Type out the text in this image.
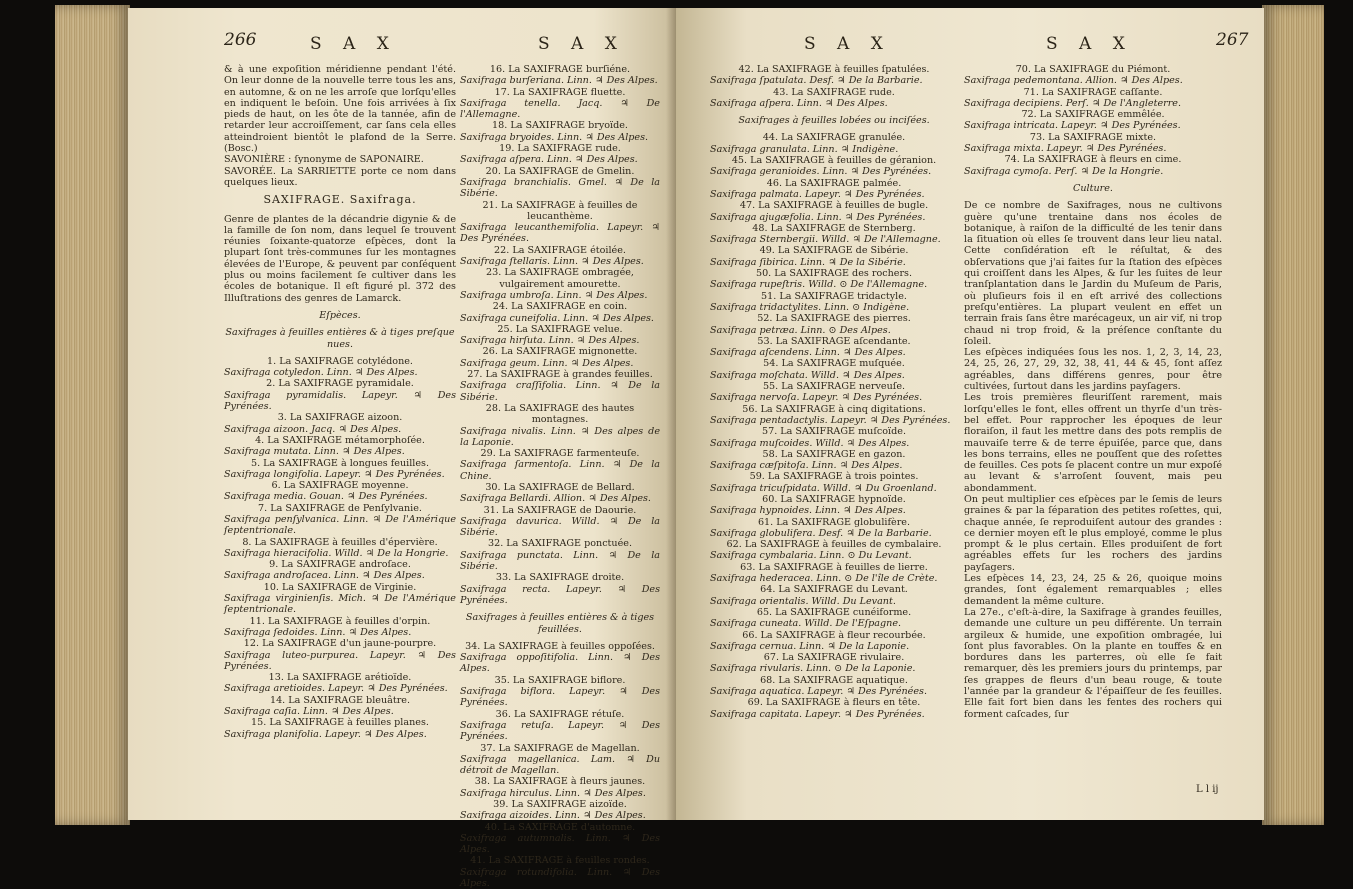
266	S A X	S A X

& à une expoſition méridienne pendant l'été. On leur donne de la nouvelle terre tous les ans, en automne, & on ne les arroſe que lorſqu'elles en indiquent le beſoin. Une fois arrivées à ſix pieds de haut, on les ôte de la tannée, afin de retarder leur accroiſſement, car ſans cela elles atteindroient bientôt le plafond de la Serre. (Bosc.)

SAVONIÈRE : ſynonyme de SAPONAIRE.

SAVORÉE. La SARRIETTE porte ce nom dans quelques lieux.

SAXIFRAGE. Saxifraga.

Genre de plantes de la décandrie digynie & de la famille de ſon nom, dans lequel ſe trouvent réunies ſoixante-quatorze eſpèces, dont la plupart ſont très-communes ſur les montagnes élevées de l'Europe, & peuvent par conſéquent plus ou moins facilement ſe cultiver dans les écoles de botanique. Il eſt figuré pl. 372 des Illuſtrations des genres de Lamarck.

Eſpèces.

Saxifrages à feuilles entières & à tiges preſque nues.

1. La SAXIFRAGE cotylédone.

Saxifraga cotyledon. Linn. ♃ Des Alpes.

2. La SAXIFRAGE pyramidale.

Saxifraga pyramidalis. Lapeyr. ♃ Des Pyrénées.

3. La SAXIFRAGE aizoon.

Saxifraga aizoon. Jacq. ♃ Des Alpes.

4. La SAXIFRAGE métamorphoſée.

Saxifraga mutata. Linn. ♃ Des Alpes.

5. La SAXIFRAGE à longues feuilles.

Saxifraga longifolia. Lapeyr. ♃ Des Pyrénées.

6. La SAXIFRAGE moyenne.

Saxifraga media. Gouan. ♃ Des Pyrénées.

7. La SAXIFRAGE de Penſylvanie.

Saxifraga penſylvanica. Linn. ♃ De l'Amérique ſeptentrionale.

8. La SAXIFRAGE à feuilles d'épervière.

Saxifraga hieracifolia. Willd. ♃ De la Hongrie.

9. La SAXIFRAGE androſace.

Saxifraga androſacea. Linn. ♃ Des Alpes.

10. La SAXIFRAGE de Virginie.

Saxifraga virginienſis. Mich. ♃ De l'Amérique ſeptentrionale.

11. La SAXIFRAGE à feuilles d'orpin.

Saxifraga ſedoides. Linn. ♃ Des Alpes.

12. La SAXIFRAGE d'un jaune-pourpre.

Saxifraga luteo-purpurea. Lapeyr. ♃ Des Pyrénées.

13. La SAXIFRAGE arétioïde.

Saxifraga aretioides. Lapeyr. ♃ Des Pyrénées.

14. La SAXIFRAGE bleuâtre.

Saxifraga caſia. Linn. ♃ Des Alpes.

15. La SAXIFRAGE à feuilles planes.

Saxifraga planifolia. Lapeyr. ♃ Des Alpes.

16. La SAXIFRAGE burſiéne.

Saxifraga burſeriana. Linn. ♃ Des Alpes.

17. La SAXIFRAGE fluette.

Saxifraga tenella. Jacq. ♃ De l'Allemagne.

18. La SAXIFRAGE bryoïde.

Saxifraga bryoides. Linn. ♃ Des Alpes.

19. La SAXIFRAGE rude.

Saxifraga aſpera. Linn. ♃ Des Alpes.

20. La SAXIFRAGE de Gmelin.

Saxifraga branchialis. Gmel. ♃ De la Sibérie.

21. La SAXIFRAGE à feuilles de leucanthème.

Saxifraga leucanthemifolia. Lapeyr. ♃ Des Pyrénées.

22. La SAXIFRAGE étoilée.

Saxifraga ſtellaris. Linn. ♃ Des Alpes.

23. La SAXIFRAGE ombragée, vulgairement amourette.

Saxifraga umbroſa. Linn. ♃ Des Alpes.

24. La SAXIFRAGE en coin.

Saxifraga cuneifolia. Linn. ♃ Des Alpes.

25. La SAXIFRAGE velue.

Saxifraga hirſuta. Linn. ♃ Des Alpes.

26. La SAXIFRAGE mignonette.

Saxifraga geum. Linn. ♃ Des Alpes.

27. La SAXIFRAGE à grandes feuilles.

Saxifraga craſſifolia. Linn. ♃ De la Sibérie.

28. La SAXIFRAGE des hautes montagnes.

Saxifraga nivalis. Linn. ♃ Des alpes de la Laponie.

29. La SAXIFRAGE farmenteuſe.

Saxifraga ſarmentoſa. Linn. ♃ De la Chine.

30. La SAXIFRAGE de Bellard.

Saxifraga Bellardi. Allion. ♃ Des Alpes.

31. La SAXIFRAGE de Daourie.

Saxifraga davurica. Willd. ♃ De la Sibérie.

32. La SAXIFRAGE ponctuée.

Saxifraga punctata. Linn. ♃ De la Sibérie.

33. La SAXIFRAGE droite.

Saxifraga recta. Lapeyr. ♃ Des Pyrénées.

Saxifrages à feuilles entières & à tiges feuillées.

34. La SAXIFRAGE à feuilles oppoſées.

Saxifraga oppoſitifolia. Linn. ♃ Des Alpes.

35. La SAXIFRAGE biflore.

Saxifraga biflora. Lapeyr. ♃ Des Pyrénées.

36. La SAXIFRAGE rétuſe.

Saxifraga retuſa. Lapeyr. ♃ Des Pyrénées.

37. La SAXIFRAGE de Magellan.

Saxifraga magellanica. Lam. ♃ Du détroit de Magellan.

38. La SAXIFRAGE à fleurs jaunes.

Saxifraga hirculus. Linn. ♃ Des Alpes.

39. La SAXIFRAGE aizoïde.

Saxifraga aizoides. Linn. ♃ Des Alpes.

40. La SAXIFRAGE d'automne.

Saxifraga autumnalis. Linn. ♃ Des Alpes.

41. La SAXIFRAGE à feuilles rondes.

Saxifraga rotundifolia. Linn. ♃ Des Alpes.

S A X	S A X	267

42. La SAXIFRAGE à feuilles ſpatulées.

Saxifraga ſpatulata. Desf. ♃ De la Barbarie.

43. La SAXIFRAGE rude.

Saxifraga aſpera. Linn. ♃ Des Alpes.

Saxifrages à feuilles lobées ou inciſées.

44. La SAXIFRAGE granulée.

Saxifraga granulata. Linn. ♃ Indigène.

45. La SAXIFRAGE à feuilles de géranion.

Saxifraga geranioides. Linn. ♃ Des Pyrénées.

46. La SAXIFRAGE palmée.

Saxifraga palmata. Lapeyr. ♃ Des Pyrénées.

47. La SAXIFRAGE à feuilles de bugle.

Saxifraga ajugæfolia. Linn. ♃ Des Pyrénées.

48. La SAXIFRAGE de Sternberg.

Saxifraga Sternbergii. Willd. ♃ De l'Allemagne.

49. La SAXIFRAGE de Sibérie.

Saxifraga ſibirica. Linn. ♃ De la Sibérie.

50. La SAXIFRAGE des rochers.

Saxifraga rupeſtris. Willd. ⊙ De l'Allemagne.

51. La SAXIFRAGE tridactyle.

Saxifraga tridactylites. Linn. ⊙ Indigène.

52. La SAXIFRAGE des pierres.

Saxifraga petræa. Linn. ⊙ Des Alpes.

53. La SAXIFRAGE aſcendante.

Saxifraga aſcendens. Linn. ♃ Des Alpes.

54. La SAXIFRAGE muſquée.

Saxifraga moſchata. Willd. ♃ Des Alpes.

55. La SAXIFRAGE nerveuſe.

Saxifraga nervoſa. Lapeyr. ♃ Des Pyrénées.

56. La SAXIFRAGE à cinq digitations.

Saxifraga pentadactylis. Lapeyr. ♃ Des Pyrénées.

57. La SAXIFRAGE muſcoïde.

Saxifraga muſcoides. Willd. ♃ Des Alpes.

58. La SAXIFRAGE en gazon.

Saxifraga cæſpitoſa. Linn. ♃ Des Alpes.

59. La SAXIFRAGE à trois pointes.

Saxifraga tricuſpidata. Willd. ♃ Du Groenland.

60. La SAXIFRAGE hypnoïde.

Saxifraga hypnoides. Linn. ♃ Des Alpes.

61. La SAXIFRAGE globulifère.

Saxifraga globulifera. Desf. ♃ De la Barbarie.

62. La SAXIFRAGE à feuilles de cymbalaire.

Saxifraga cymbalaria. Linn. ⊙ Du Levant.

63. La SAXIFRAGE à feuilles de lierre.

Saxifraga hederacea. Linn. ⊙ De l'île de Crète.

64. La SAXIFRAGE du Levant.

Saxifraga orientalis. Willd. Du Levant.

65. La SAXIFRAGE cunéiforme.

Saxifraga cuneata. Willd. De l'Eſpagne.

66. La SAXIFRAGE à fleur recourbée.

Saxifraga cernua. Linn. ♃ De la Laponie.

67. La SAXIFRAGE rivulaire.

Saxifraga rivularis. Linn. ⊙ De la Laponie.

68. La SAXIFRAGE aquatique.

Saxifraga aquatica. Lapeyr. ♃ Des Pyrénées.

69. La SAXIFRAGE à fleurs en tête.

Saxifraga capitata. Lapeyr. ♃ Des Pyrénées.

70. La SAXIFRAGE du Piémont.

Saxifraga pedemontana. Allion. ♃ Des Alpes.

71. La SAXIFRAGE caſſante.

Saxifraga decipiens. Perſ. ♃ De l'Angleterre.

72. La SAXIFRAGE emmêlée.

Saxifraga intricata. Lapeyr. ♃ Des Pyrénées.

73. La SAXIFRAGE mixte.

Saxifraga mixta. Lapeyr. ♃ Des Pyrénées.

74. La SAXIFRAGE à fleurs en cime.

Saxifraga cymoſa. Perſ. ♃ De la Hongrie.

Culture.

De ce nombre de Saxifrages, nous ne cultivons guère qu'une trentaine dans nos écoles de botanique, à raiſon de la difficulté de les tenir dans la ſituation où elles ſe trouvent dans leur lieu natal. Cette conſidération eſt le réſultat, & des obſervations que j'ai faites ſur la ſtation des eſpèces qui croiſſent dans les Alpes, & ſur les ſuites de leur tranſplantation dans le Jardin du Muſeum de Paris, où pluſieurs fois il en eſt arrivé des collections preſqu'entières. La plupart veulent en effet un terrain frais ſans être marécageux, un air vif, ni trop chaud ni trop froid, & la préſence conſtante du ſoleil.

Les eſpèces indiquées ſous les nos. 1, 2, 3, 14, 23, 24, 25, 26, 27, 29, 32, 38, 41, 44 & 45, ſont aſſez agréables, dans différens genres, pour être cultivées, ſurtout dans les jardins payſagers.

Les trois premières fleuriſſent rarement, mais lorſqu'elles le font, elles offrent un thyrſe d'un très-bel effet. Pour rapprocher les époques de leur floraiſon, il faut les mettre dans des pots remplis de mauvaiſe terre & de terre épuiſée, parce que, dans les bons terrains, elles ne pouſſent que des roſettes de feuilles. Ces pots ſe placent contre un mur expoſé au levant & s'arroſent ſouvent, mais peu abondamment.

On peut multiplier ces eſpèces par le ſemis de leurs graines & par la ſéparation des petites roſettes, qui, chaque année, ſe reproduiſent autour des grandes : ce dernier moyen eſt le plus employé, comme le plus prompt & le plus certain. Elles produiſent de fort agréables effets ſur les rochers des jardins payſagers.

Les eſpèces 14, 23, 24, 25 & 26, quoique moins grandes, ſont également remarquables ; elles demandent la même culture.

La 27e., c'eſt-à-dire, la Saxifrage à grandes feuilles, demande une culture un peu différente. Un terrain argileux & humide, une expoſition ombragée, lui ſont plus favorables. On la plante en touffes & en bordures dans les parterres, où elle ſe fait remarquer, dès les premiers jours du printemps, par ſes grappes de fleurs d'un beau rouge, & toute l'année par la grandeur & l'épaiſſeur de ſes feuilles. Elle fait fort bien dans les fentes des rochers qui forment caſcades, ſur

L l ij
